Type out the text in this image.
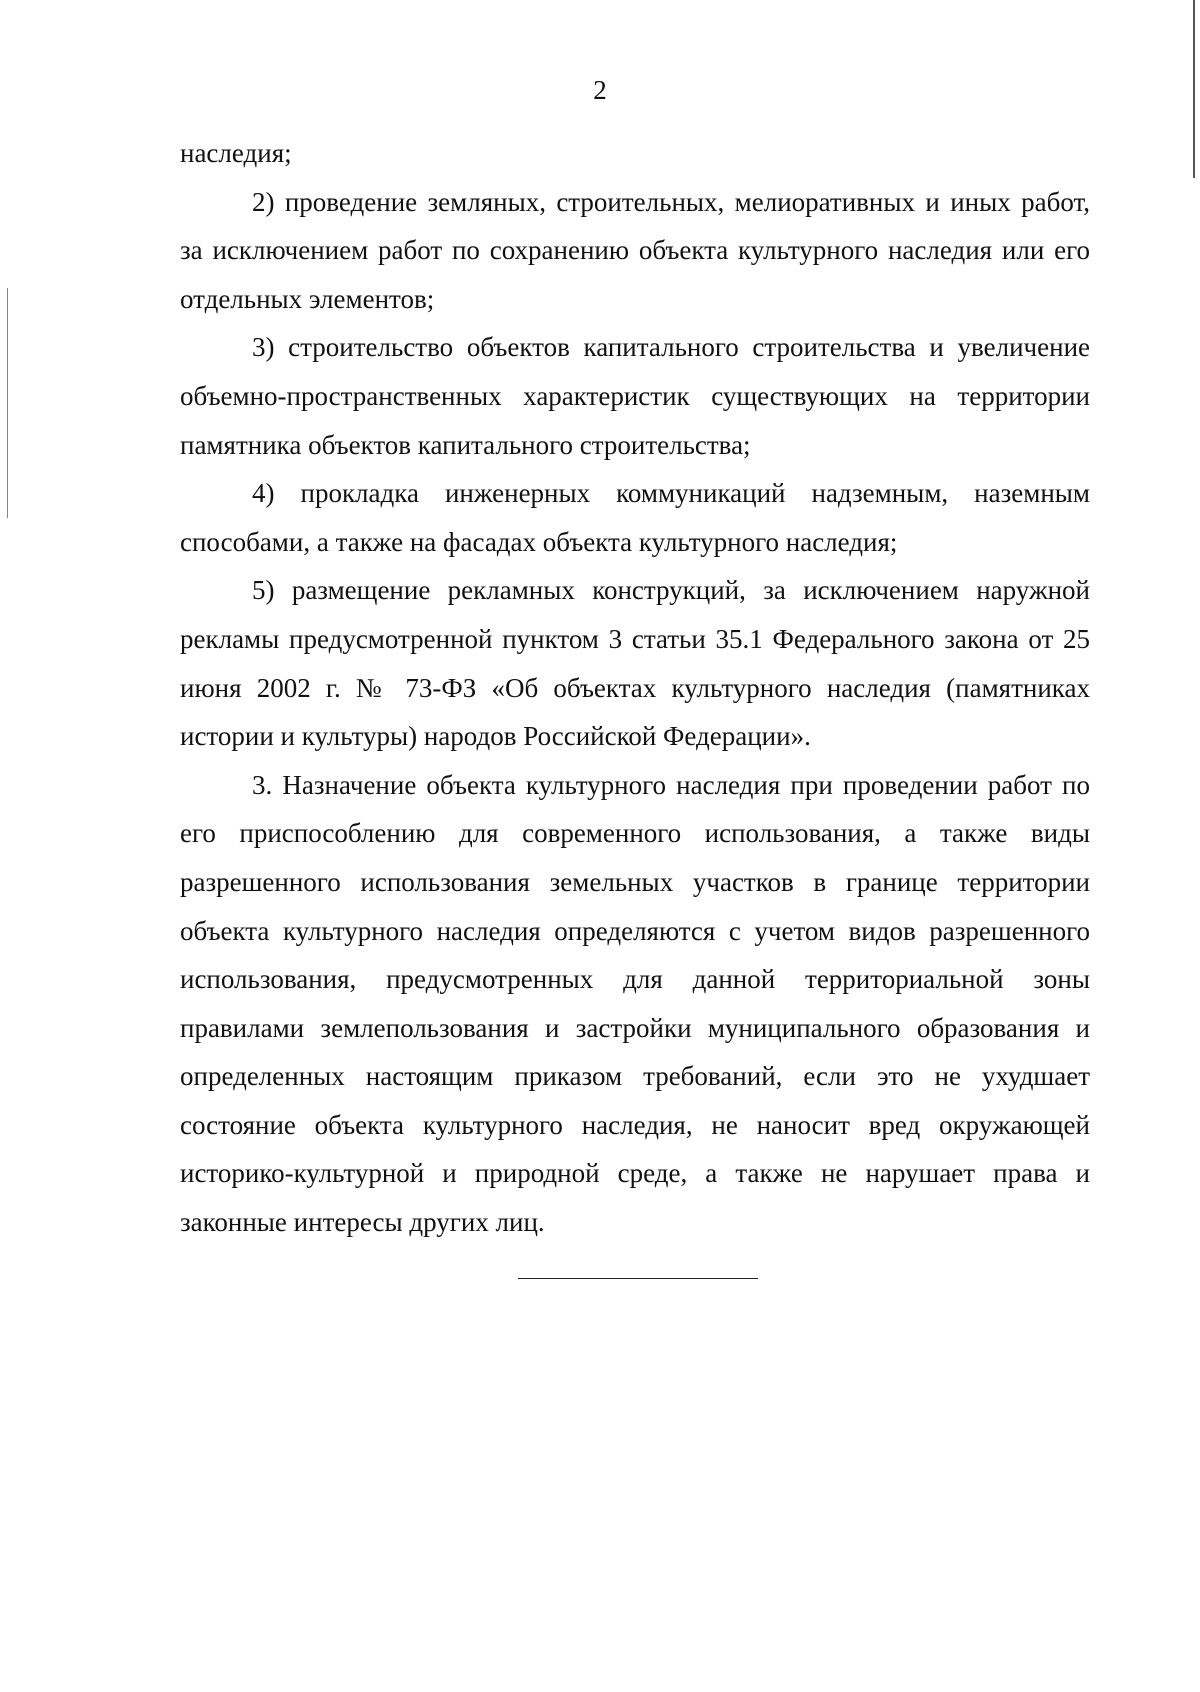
2

наследия;

2) проведение земляных, строительных, мелиоративных и иных работ, за исключением работ по сохранению объекта культурного наследия или его отдельных элементов;

3) строительство объектов капитального строительства и увеличение объемно-пространственных характеристик существующих на территории памятника объектов капитального строительства;

4) прокладка инженерных коммуникаций надземным, наземным способами, а также на фасадах объекта культурного наследия;

5) размещение рекламных конструкций, за исключением наружной рекламы предусмотренной пунктом 3 статьи 35.1 Федерального закона от 25 июня 2002 г. № 73-ФЗ «Об объектах культурного наследия (памятниках истории и культуры) народов Российской Федерации».

3. Назначение объекта культурного наследия при проведении работ по его приспособлению для современного использования, а также виды разрешенного использования земельных участков в границе территории объекта культурного наследия определяются с учетом видов разрешенного использования, предусмотренных для данной территориальной зоны правилами землепользования и застройки муниципального образования и определенных настоящим приказом требований, если это не ухудшает состояние объекта культурного наследия, не наносит вред окружающей историко-культурной и природной среде, а также не нарушает права и законные интересы других лиц.
